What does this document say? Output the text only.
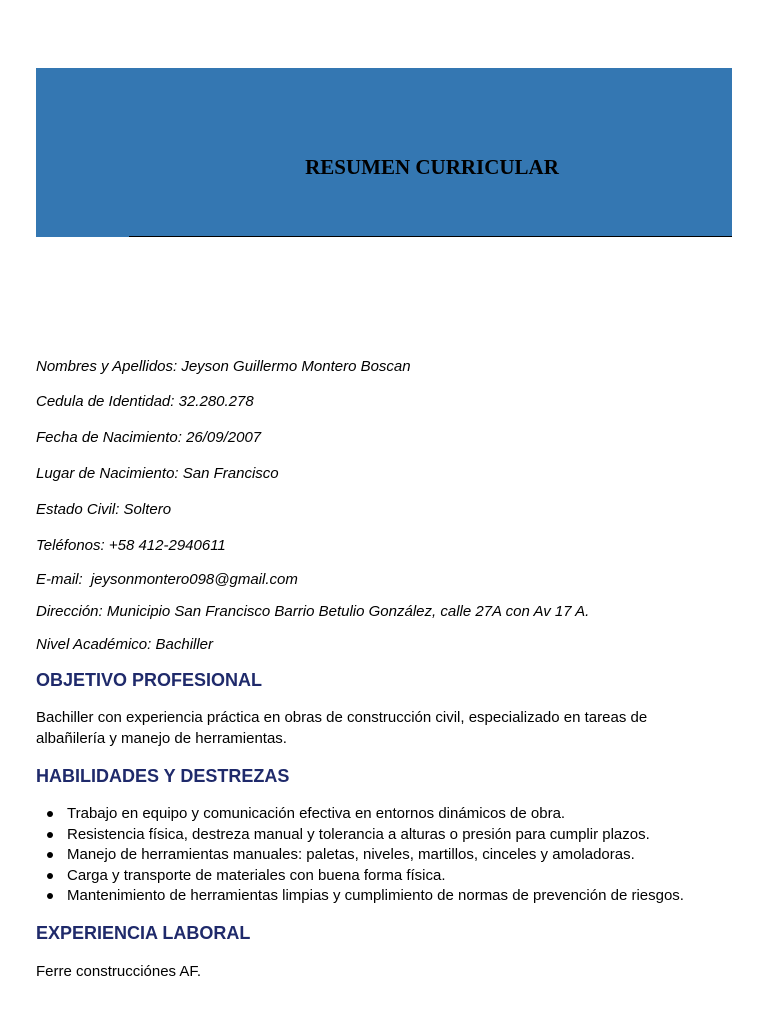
RESUMEN CURRICULAR
Nombres y Apellidos: Jeyson Guillermo Montero Boscan
Cedula de Identidad: 32.280.278
Fecha de Nacimiento: 26/09/2007
Lugar de Nacimiento: San Francisco
Estado Civil: Soltero
Teléfonos: +58 412-2940611
E-mail: jeysonmontero098@gmail.com
Dirección: Municipio San Francisco Barrio Betulio González, calle 27A con Av 17 A.
Nivel Académico: Bachiller
OBJETIVO PROFESIONAL

Bachiller con experiencia práctica en obras de construcción civil, especializado en tareas de albañilería y manejo de herramientas.

HABILIDADES Y DESTREZAS
Trabajo en equipo y comunicación efectiva en entornos dinámicos de obra.
Resistencia física, destreza manual y tolerancia a alturas o presión para cumplir plazos.
Manejo de herramientas manuales: paletas, niveles, martillos, cinceles y amoladoras.
Carga y transporte de materiales con buena forma física.
Mantenimiento de herramientas limpias y cumplimiento de normas de prevención de riesgos.
EXPERIENCIA LABORAL

Ferre construcciónes AF.
